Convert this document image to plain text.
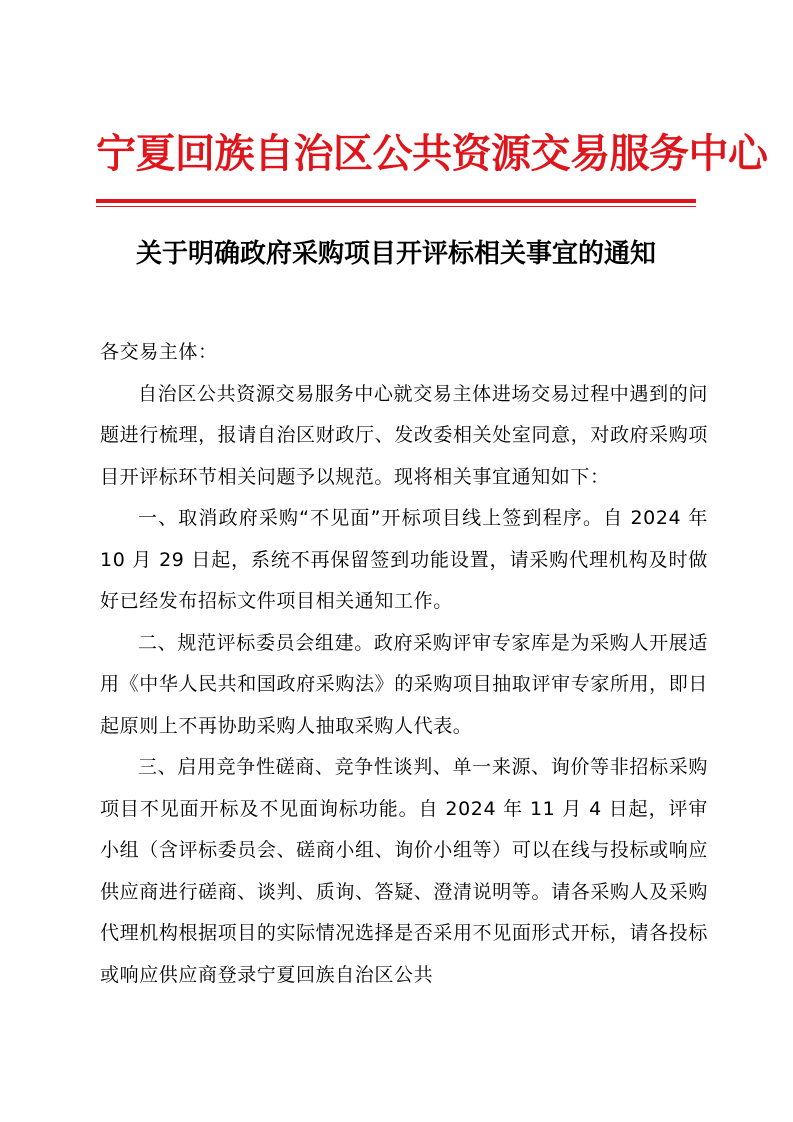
宁夏回族自治区公共资源交易服务中心
关于明确政府采购项目开评标相关事宜的通知

各交易主体：

自治区公共资源交易服务中心就交易主体进场交易过程中遇到的问题进行梳理，报请自治区财政厅、发改委相关处室同意，对政府采购项目开评标环节相关问题予以规范。现将相关事宜通知如下：

一、取消政府采购“不见面”开标项目线上签到程序。自 2024 年 10 月 29 日起，系统不再保留签到功能设置，请采购代理机构及时做好已经发布招标文件项目相关通知工作。

二、规范评标委员会组建。政府采购评审专家库是为采购人开展适用《中华人民共和国政府采购法》的采购项目抽取评审专家所用，即日起原则上不再协助采购人抽取采购人代表。

三、启用竞争性磋商、竞争性谈判、单一来源、询价等非招标采购项目不见面开标及不见面询标功能。自 2024 年 11 月 4 日起，评审小组（含评标委员会、磋商小组、询价小组等）可以在线与投标或响应供应商进行磋商、谈判、质询、答疑、澄清说明等。请各采购人及采购代理机构根据项目的实际情况选择是否采用不见面形式开标，请各投标或响应供应商登录宁夏回族自治区公共
